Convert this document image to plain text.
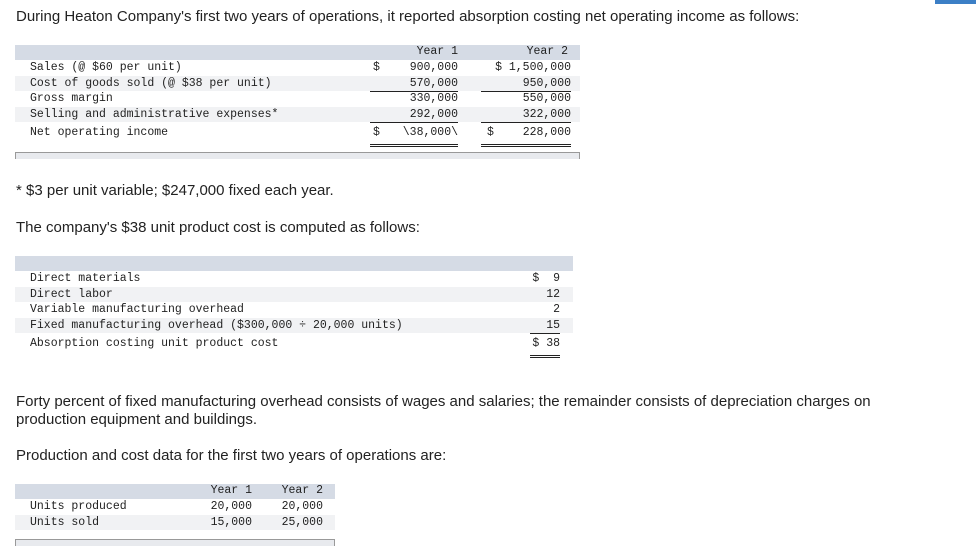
During Heaton Company's first two years of operations, it reported absorption costing net operating income as follows:

Year 1	Year 2
Sales (@ $60 per unit)	$	900,000	$ 1,500,000
Cost of goods sold (@ $38 per unit)	570,000	950,000
Gross margin	330,000	550,000
Selling and administrative expenses*	292,000	322,000
Net operating income	$	\38,000\	$	228,000

* $3 per unit variable; $247,000 fixed each year.

The company's $38 unit product cost is computed as follows:

Direct materials	$  9
Direct labor	12
Variable manufacturing overhead	2
Fixed manufacturing overhead ($300,000 ÷ 20,000 units)	15
Absorption costing unit product cost	$ 38

Forty percent of fixed manufacturing overhead consists of wages and salaries; the remainder consists of depreciation charges on production equipment and buildings.

Production and cost data for the first two years of operations are:

Year 1	Year 2
Units produced	20,000	20,000
Units sold	15,000	25,000
